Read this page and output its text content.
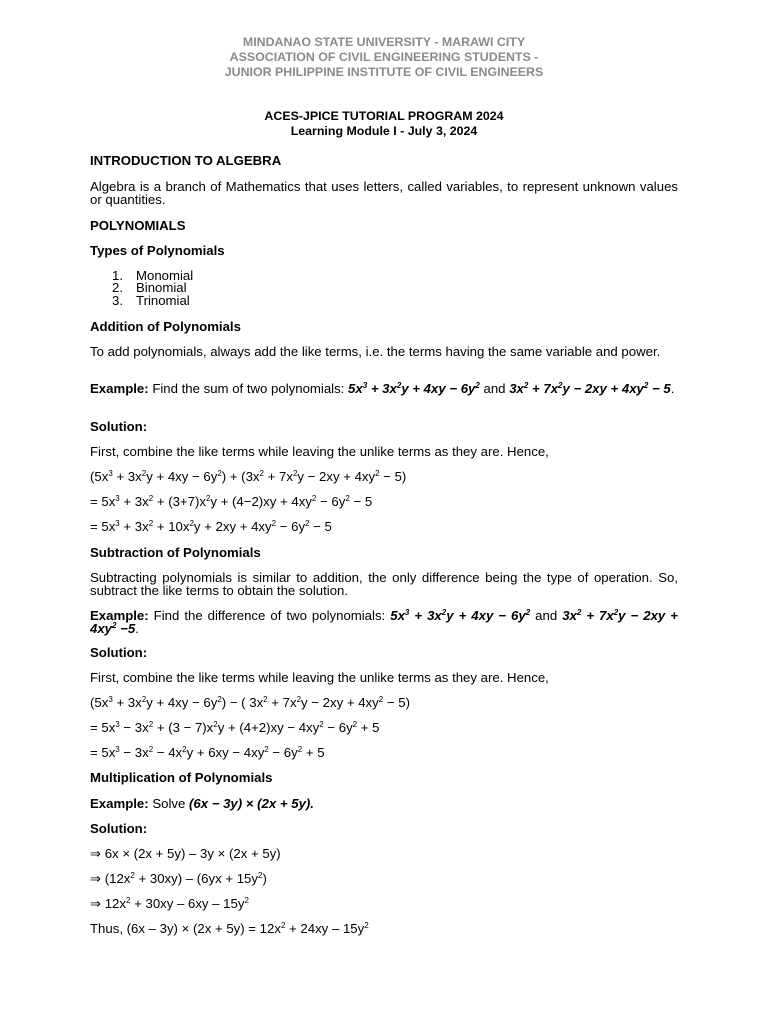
MINDANAO STATE UNIVERSITY - MARAWI CITY
ASSOCIATION OF CIVIL ENGINEERING STUDENTS -
JUNIOR PHILIPPINE INSTITUTE OF CIVIL ENGINEERS
ACES-JPICE TUTORIAL PROGRAM 2024
Learning Module I - July 3, 2024
INTRODUCTION TO ALGEBRA
Algebra is a branch of Mathematics that uses letters, called variables, to represent unknown values or quantities.
POLYNOMIALS
Types of Polynomials
1. Monomial
2. Binomial
3. Trinomial
Addition of Polynomials
To add polynomials, always add the like terms, i.e. the terms having the same variable and power.
Example: Find the sum of two polynomials: $5x^3 + 3x^2y + 4xy - 6y^2$ and $3x^2 + 7x^2y - 2xy + 4xy^2 - 5$.
Solution:
First, combine the like terms while leaving the unlike terms as they are. Hence,
$(5x^3 + 3x^2y + 4xy - 6y^2) + (3x^2 + 7x^2y - 2xy + 4xy^2 - 5)$
= $5x^3 + 3x^2 + (3+7)x^2y + (4-2)xy + 4xy^2 - 6y^2 - 5$
= $5x^3 + 3x^2 + 10x^2y + 2xy + 4xy^2 - 6y^2 - 5$
Subtraction of Polynomials
Subtracting polynomials is similar to addition, the only difference being the type of operation. So, subtract the like terms to obtain the solution.
Example: Find the difference of two polynomials: $5x^3 + 3x^2y + 4xy - 6y^2$ and $3x^2 + 7x^2y - 2xy + 4xy^2 -5$.
Solution:
First, combine the like terms while leaving the unlike terms as they are. Hence,
$(5x^3 + 3x^2y + 4xy - 6y^2)$ − ( $3x^2 + 7x^2y - 2xy + 4xy^2 - 5$)
= $5x^3 - 3x^2 + (3 - 7)x^2y + (4+2)xy - 4xy^2 - 6y^2 + 5$
= $5x^3 - 3x^2 - 4x^2y + 6xy - 4xy^2 - 6y^2 + 5$
Multiplication of Polynomials
Example: Solve (6x − 3y) × (2x + 5y).
Solution:
⇒ 6x × (2x + 5y) – 3y × (2x + 5y)
⇒ $(12x^2 + 30xy) - (6yx + 15y^2)$
⇒ $12x^2 + 30xy - 6xy - 15y^2$
Thus, $(6x - 3y) \times (2x + 5y) = 12x^2 + 24xy - 15y^2$
